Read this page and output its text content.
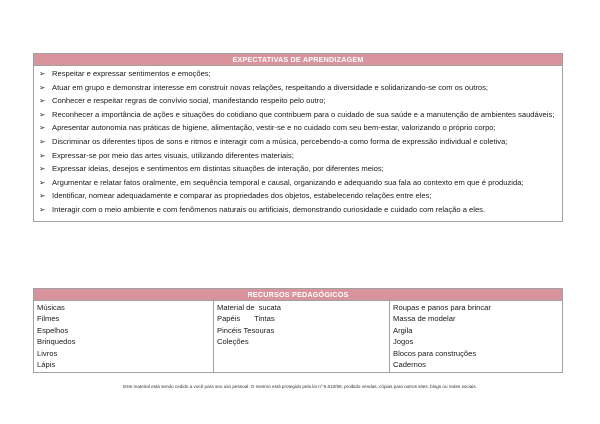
EXPECTATIVAS DE APRENDIZAGEM
➢ Respeitar e expressar sentimentos e emoções;
➢ Atuar em grupo e demonstrar interesse em construir novas relações, respeitando a diversidade e solidarizando-se com os outros;
➢ Conhecer e respeitar regras de convívio social, manifestando respeito pelo outro;
➢ Reconhecer a importância de ações e situações do cotidiano que contribuem para o cuidado de sua saúde e a manutenção de ambientes saudáveis;
➢ Apresentar autonomia nas práticas de higiene, alimentação, vestir-se e no cuidado com seu bem-estar, valorizando o próprio corpo;
➢ Discriminar os diferentes tipos de sons e ritmos e interagir com a música, percebendo-a como forma de expressão individual e coletiva;
➢ Expressar-se por meio das artes visuais, utilizando diferentes materiais;
➢ Expressar ideias, desejos e sentimentos em distintas situações de interação, por diferentes meios;
➢ Argumentar e relatar fatos oralmente, em sequência temporal e causal, organizando e adequando sua fala ao contexto em que é produzida;
➢ Identificar, nomear adequadamente e comparar as propriedades dos objetos, estabelecendo relações entre eles;
➢ Interagir com o meio ambiente e com fenômenos naturais ou artificiais, demonstrando curiosidade e cuidado com relação a eles.
RECURSOS PEDAGÓGICOS
Músicas
Filmes
Espelhos
Brinquedos
Livros
Lápis
Material de sucata
Papéis Tintas
Pincéis Tesouras
Coleções
Roupas e panos para brincar
Massa de modelar
Argila
Jogos
Blocos para construções
Cadernos
Este material está sendo cedido a você para seu uso pessoal. O mesmo está protegido pela lei nº 9.610/98, proibido vendas, cópias para outros sites, blogs ou redes sociais.
